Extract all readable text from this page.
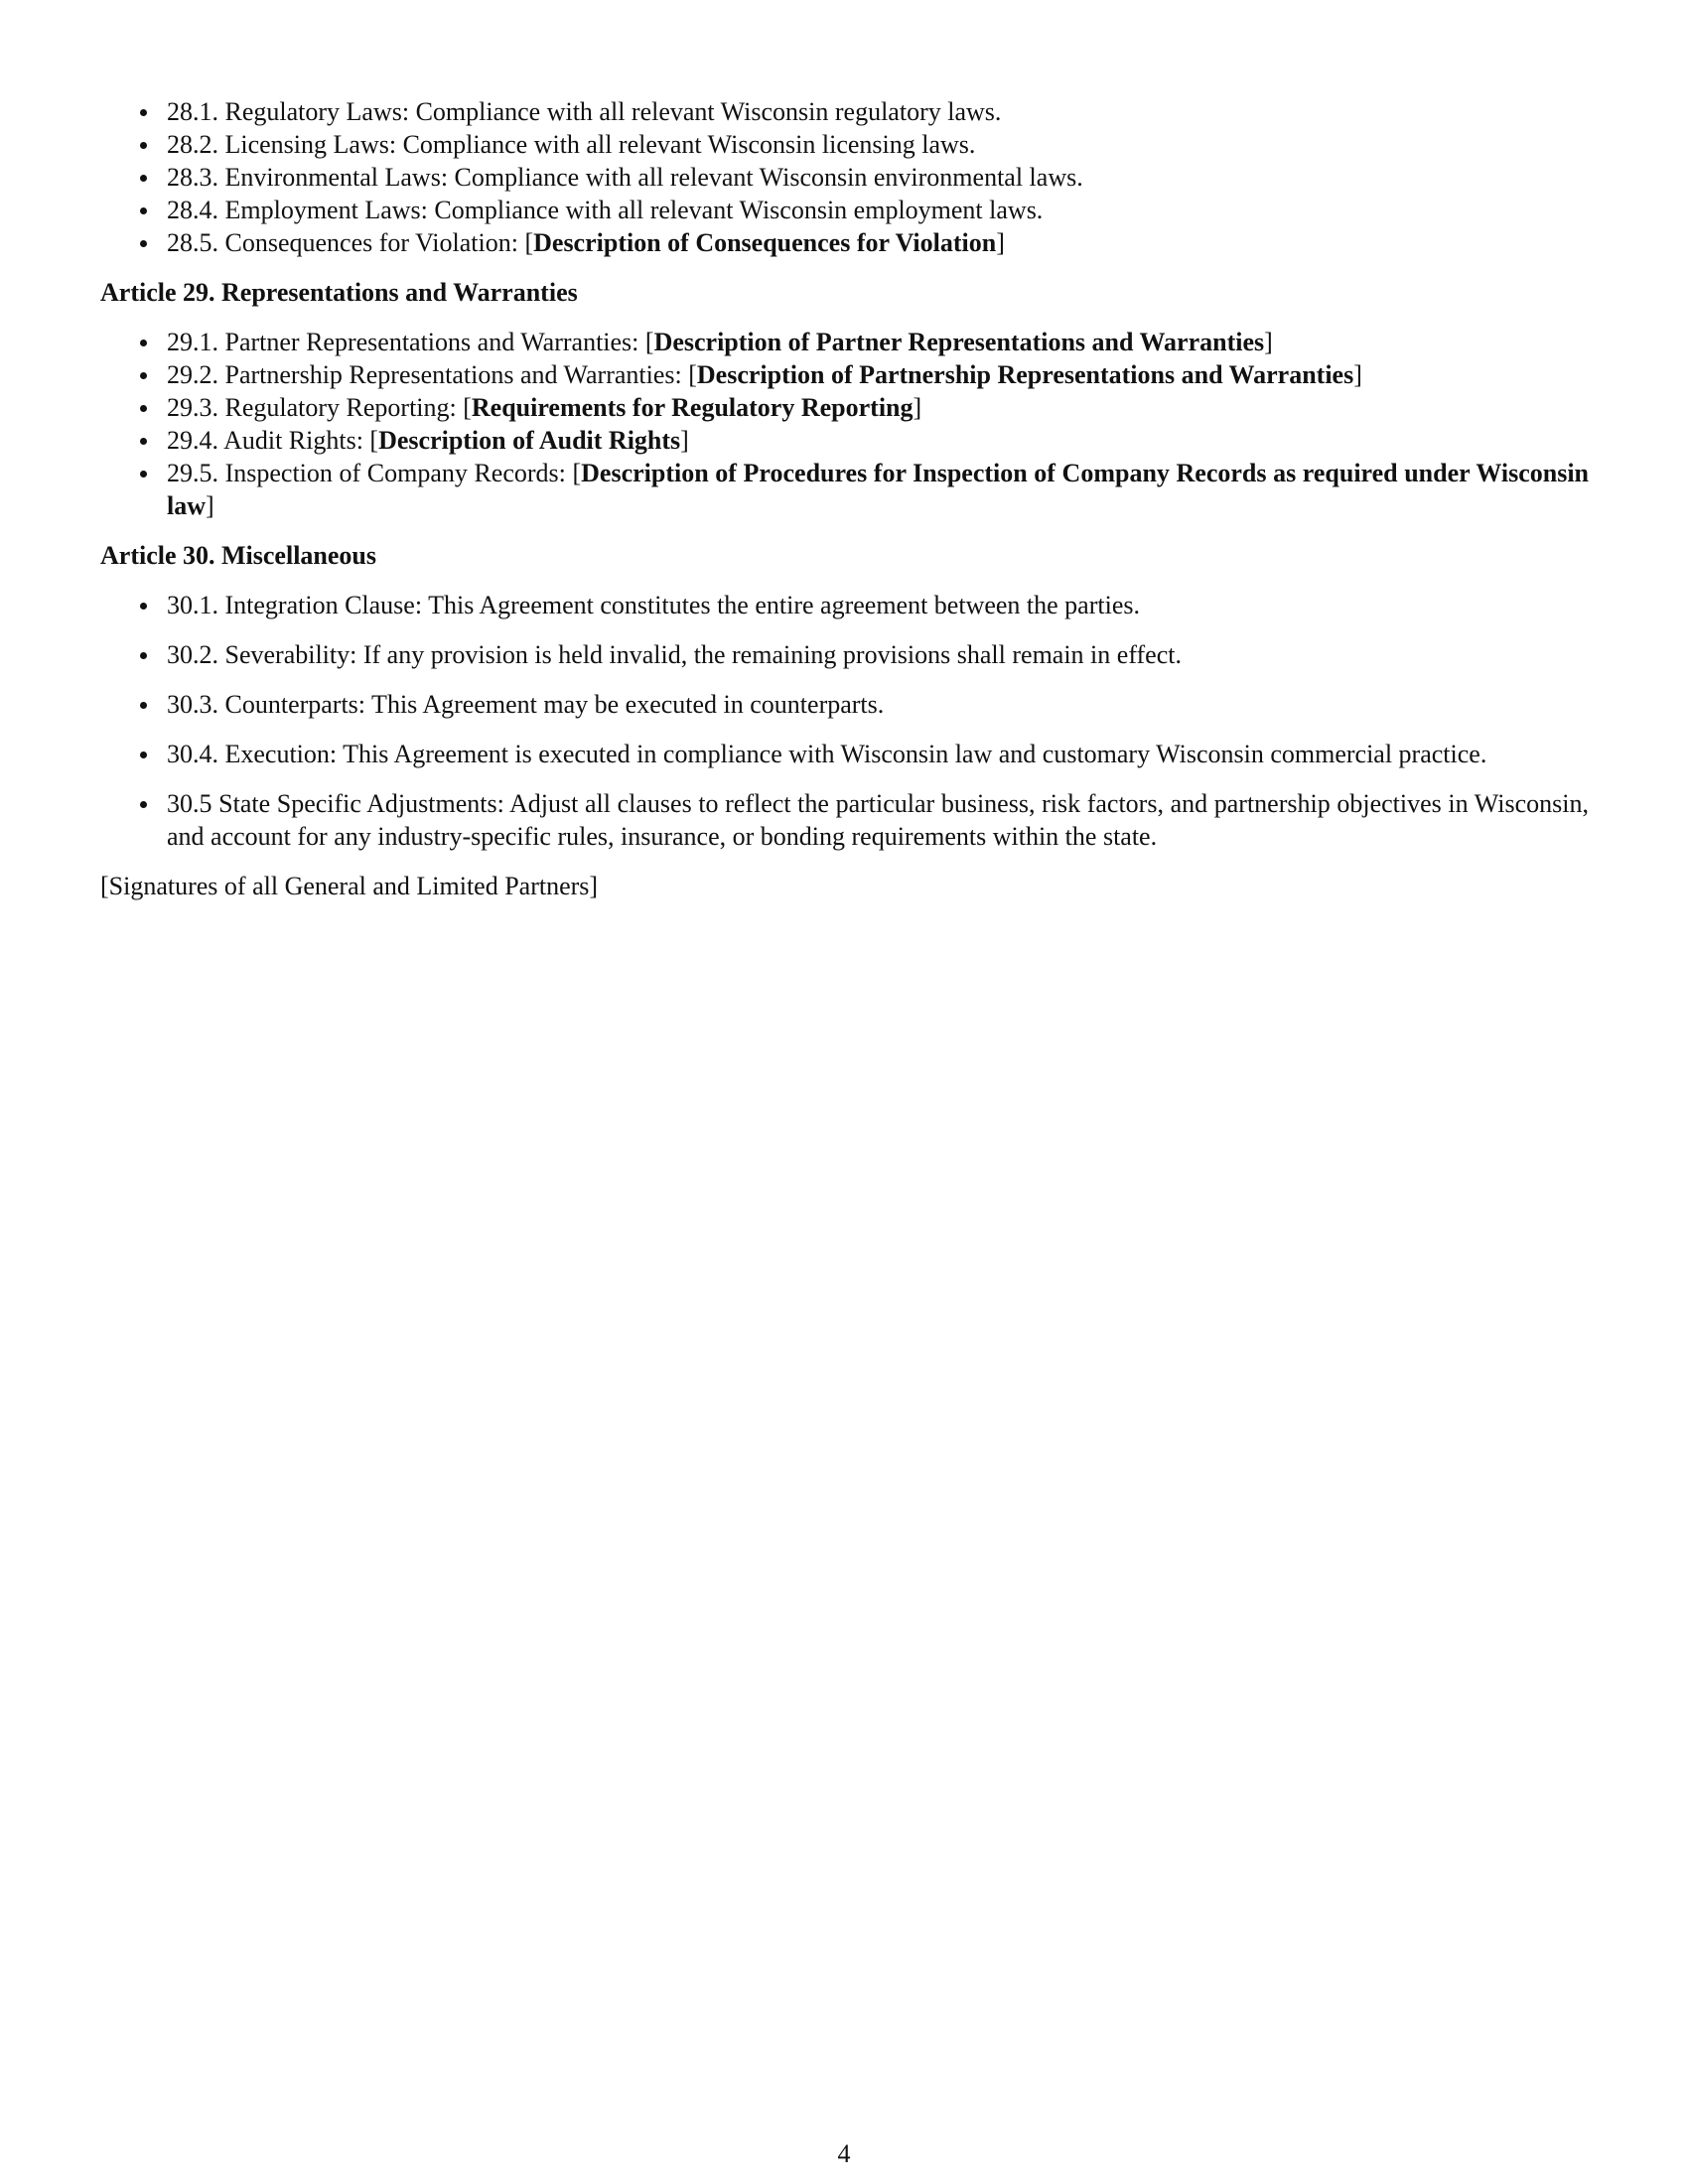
28.1. Regulatory Laws: Compliance with all relevant Wisconsin regulatory laws.
28.2. Licensing Laws: Compliance with all relevant Wisconsin licensing laws.
28.3. Environmental Laws: Compliance with all relevant Wisconsin environmental laws.
28.4. Employment Laws: Compliance with all relevant Wisconsin employment laws.
28.5. Consequences for Violation: [Description of Consequences for Violation]
Article 29. Representations and Warranties
29.1. Partner Representations and Warranties: [Description of Partner Representations and Warranties]
29.2. Partnership Representations and Warranties: [Description of Partnership Representations and Warranties]
29.3. Regulatory Reporting: [Requirements for Regulatory Reporting]
29.4. Audit Rights: [Description of Audit Rights]
29.5. Inspection of Company Records: [Description of Procedures for Inspection of Company Records as required under Wisconsin law]
Article 30. Miscellaneous
30.1. Integration Clause: This Agreement constitutes the entire agreement between the parties.
30.2. Severability: If any provision is held invalid, the remaining provisions shall remain in effect.
30.3. Counterparts: This Agreement may be executed in counterparts.
30.4. Execution: This Agreement is executed in compliance with Wisconsin law and customary Wisconsin commercial practice.
30.5 State Specific Adjustments: Adjust all clauses to reflect the particular business, risk factors, and partnership objectives in Wisconsin, and account for any industry-specific rules, insurance, or bonding requirements within the state.
[Signatures of all General and Limited Partners]
4
